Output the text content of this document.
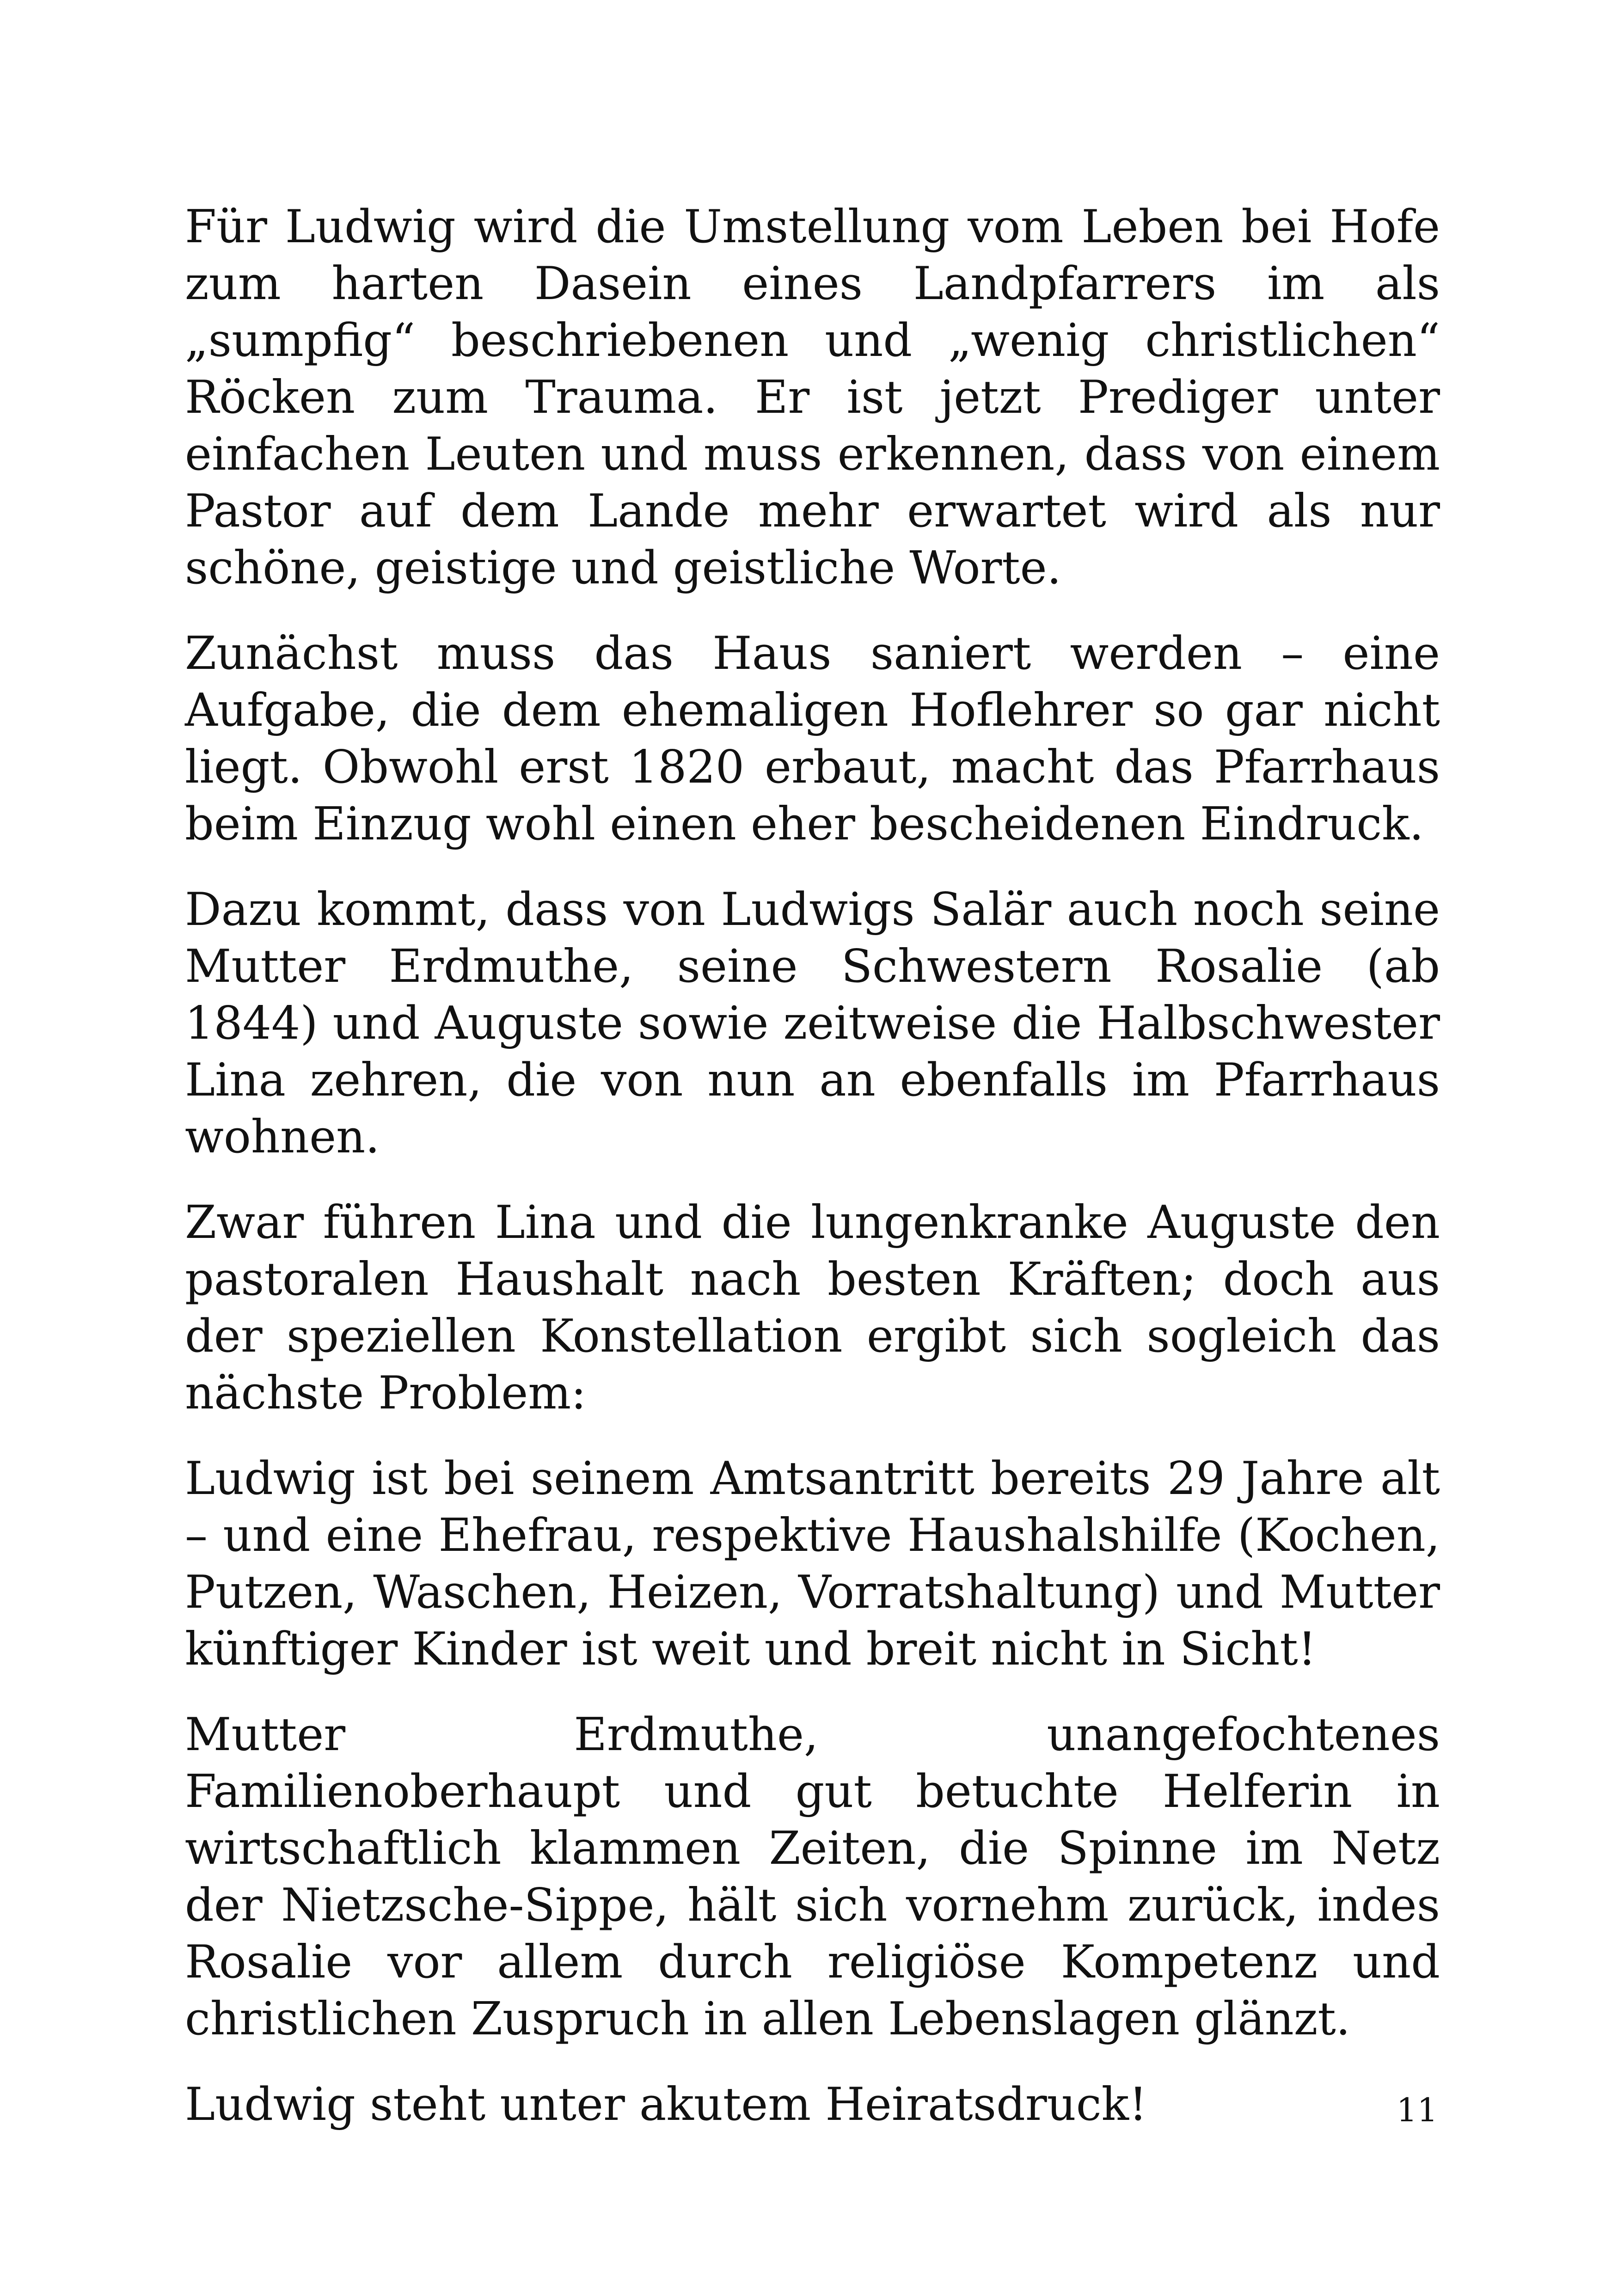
Für Ludwig wird die Umstellung vom Leben bei Hofe zum harten Dasein eines Landpfarrers im als „sumpfig“ beschriebenen und „wenig christlichen“ Röcken zum Trauma. Er ist jetzt Prediger unter einfachen Leuten und muss erkennen, dass von einem Pastor auf dem Lande mehr erwartet wird als nur schöne, geistige und geistliche Worte.

Zunächst muss das Haus saniert werden – eine Aufgabe, die dem ehemaligen Hoflehrer so gar nicht liegt. Obwohl erst 1820 erbaut, macht das Pfarrhaus beim Einzug wohl einen eher bescheidenen Eindruck.

Dazu kommt, dass von Ludwigs Salär auch noch seine Mutter Erdmuthe, seine Schwestern Rosalie (ab 1844) und Auguste sowie zeitweise die Halbschwester Lina zehren, die von nun an ebenfalls im Pfarrhaus wohnen.

Zwar führen Lina und die lungenkranke Auguste den pastoralen Haushalt nach besten Kräften; doch aus der speziellen Konstellation ergibt sich sogleich das nächste Problem:

Ludwig ist bei seinem Amtsantritt bereits 29 Jahre alt – und eine Ehefrau, respektive Haushalshilfe (Kochen, Putzen, Waschen, Heizen, Vorratshaltung) und Mutter künftiger Kinder ist weit und breit nicht in Sicht!

Mutter Erdmuthe, unangefochtenes Familienoberhaupt und gut betuchte Helferin in wirtschaftlich klammen Zeiten, die Spinne im Netz der Nietzsche-Sippe, hält sich vornehm zurück, indes Rosalie vor allem durch religiöse Kompetenz und christlichen Zuspruch in allen Lebenslagen glänzt.

Ludwig steht unter akutem Heiratsdruck!	11
